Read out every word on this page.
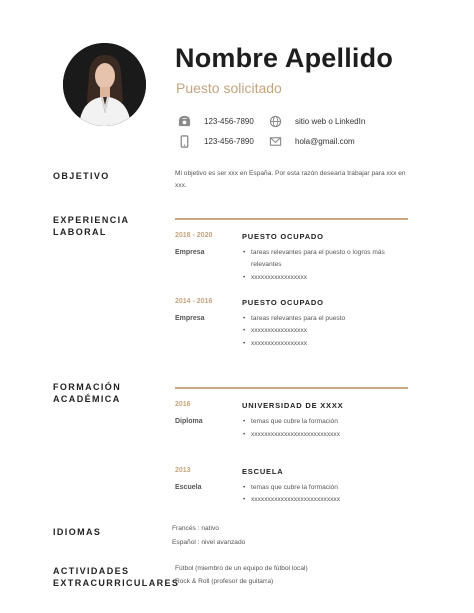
Nombre Apellido
Puesto solicitado
123-456-7890
123-456-7890
sitio web o LinkedIn
hola@gmail.com
OBJETIVO	Mi objetivo es ser xxx en España. Por esta razón desearía trabajar para xxx en xxx.
EXPERIENCIA
LABORAL	2018 - 2020	PUESTO OCUPADO
Empresa	• tareas relevantes para el puesto o logros más relevantes
• xxxxxxxxxxxxxxxxx
2014 - 2016	PUESTO OCUPADO
Empresa	• tareas relevantes para el puesto
• xxxxxxxxxxxxxxxxx
• xxxxxxxxxxxxxxxxx
FORMACIÓN
ACADÉMICA
2016	UNIVERSIDAD DE XXXX
Diploma	• temas que cubre la formación
• xxxxxxxxxxxxxxxxxxxxxxxxxxx
2013	ESCUELA
Escuela	• temas que cubre la formación
• xxxxxxxxxxxxxxxxxxxxxxxxxxx
IDIOMAS	Francés : nativo
Español : nivel avanzado
ACTIVIDADES
EXTRACURRICULARES
Fútbol (miembro de un equipo de fútbol local)
Rock & Roll (profesor de guitarra)
